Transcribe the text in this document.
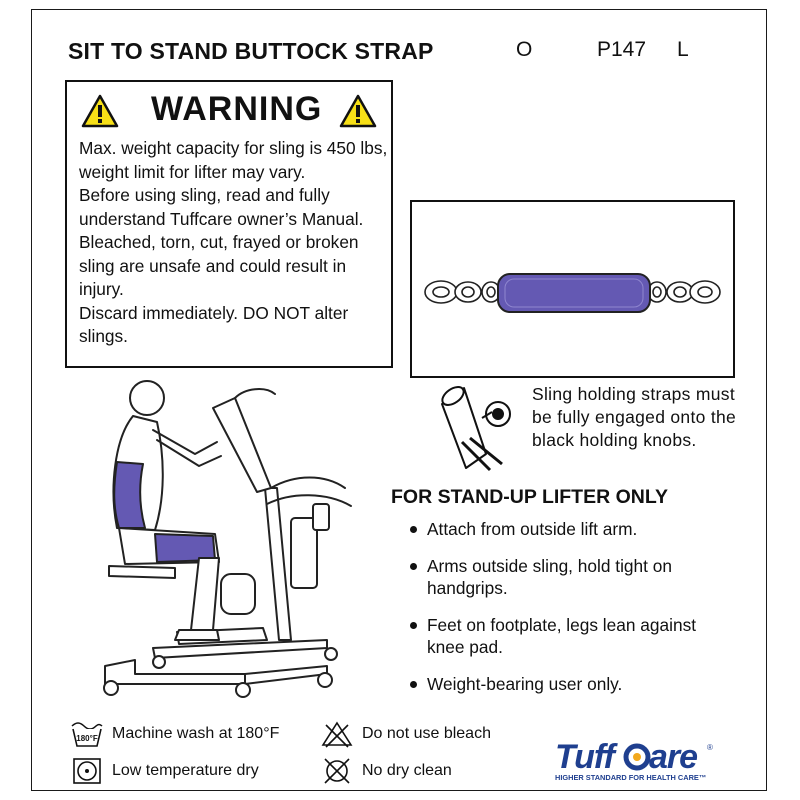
SIT TO STAND BUTTOCK STRAP	O	P147 L
WARNING

Max. weight capacity for sling is 450 lbs, weight limit for lifter may vary.

Before using sling, read and fully understand Tuffcare owner’s Manual.

Bleached, torn, cut, frayed or broken sling are unsafe and could result in injury.

Discard immediately. DO NOT alter slings.

Sling holding straps must be fully engaged onto the black holding knobs.
FOR STAND-UP LIFTER ONLY
Attach from outside lift arm.
Arms outside sling, hold tight on handgrips.
Feet on footplate, legs lean against knee pad.
Weight-bearing user only.
180°F Machine wash at 180°F	Do not use bleach
Low temperature dry	No dry clean	Tuff are ®
HIGHER STANDARD FOR HEALTH CARE™
